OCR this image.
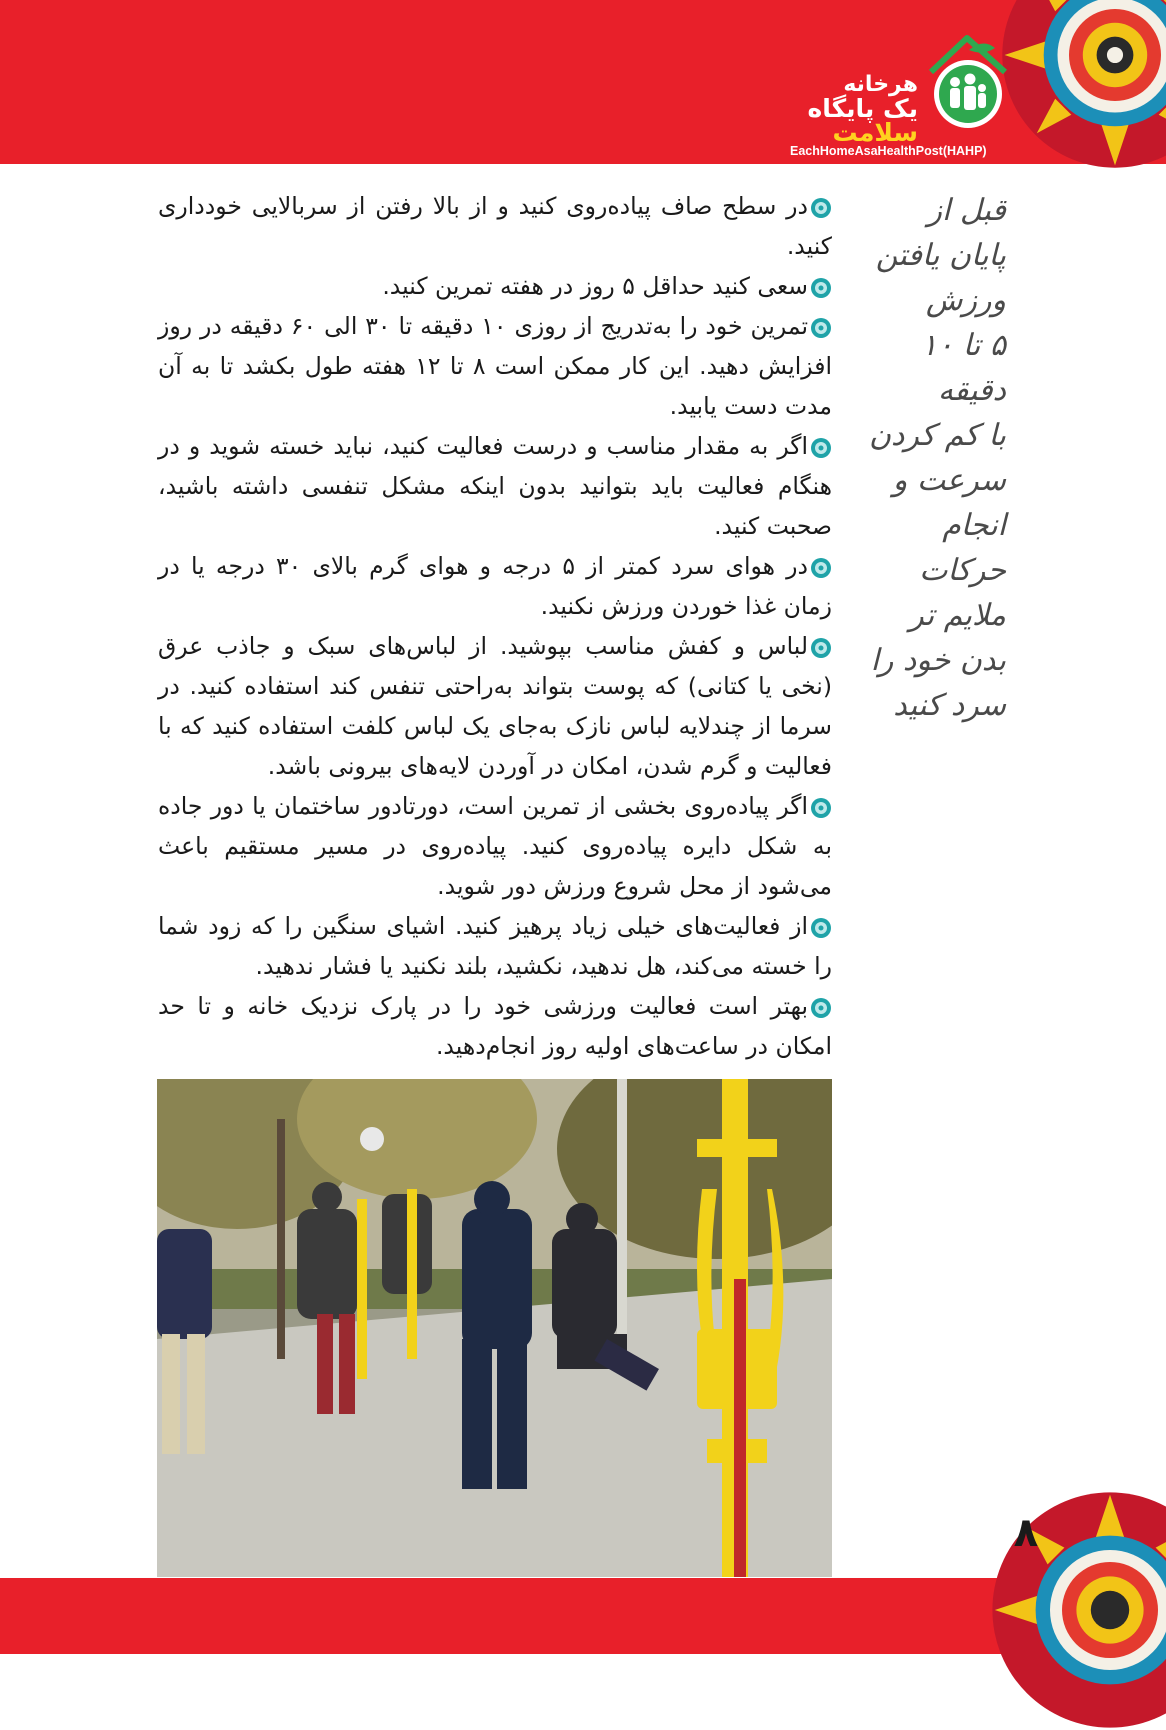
هرخانه
یک پایگاه
سلامت
EachHomeAsaHealthPost(HAHP)

قبل از

پایان یافتن

ورزش

۵ تا ۱۰ دقیقه

با کم کردن

سرعت و انجام

حرکات ملایم تر

بدن خود را

سرد کنید

در سطح صاف پیاده‌روی کنید و از بالا رفتن از سربالایی خودداری کنید.

سعی کنید حداقل ۵ روز در هفته تمرین کنید.

تمرین خود را به‌تدریج از روزی ۱۰ دقیقه تا ۳۰ الی ۶۰ دقیقه در روز افزایش دهید. این کار ممکن است ۸ تا ۱۲ هفته طول بکشد تا به آن مدت دست یابید.

اگر به مقدار مناسب و درست فعالیت کنید، نباید خسته شوید و در هنگام فعالیت باید بتوانید بدون اینکه مشکل تنفسی داشته باشید، صحبت کنید.

در هوای سرد کمتر از ۵ درجه و هوای گرم بالای ۳۰ درجه یا در زمان غذا خوردن ورزش نکنید.

لباس و کفش مناسب بپوشید. از لباس‌های سبک و جاذب عرق (نخی یا کتانی) که پوست بتواند به‌راحتی تنفس کند استفاده کنید. در سرما از چندلایه لباس نازک به‌جای یک لباس کلفت استفاده کنید که با فعالیت و گرم شدن، امکان در آوردن لایه‌های بیرونی باشد.

اگر پیاده‌روی بخشی از تمرین است، دورتادور ساختمان یا دور جاده به شکل دایره پیاده‌روی کنید. پیاده‌روی در مسیر مستقیم باعث می‌شود از محل شروع ورزش دور شوید.

از فعالیت‌های خیلی زیاد پرهیز کنید. اشیای سنگین را که زود شما را خسته می‌کند، هل ندهید، نکشید، بلند نکنید یا فشار ندهید.

بهتر است فعالیت ورزشی خود را در پارک نزدیک خانه و تا حد امکان در ساعت‌های اولیه روز انجام‌دهید.

۸
